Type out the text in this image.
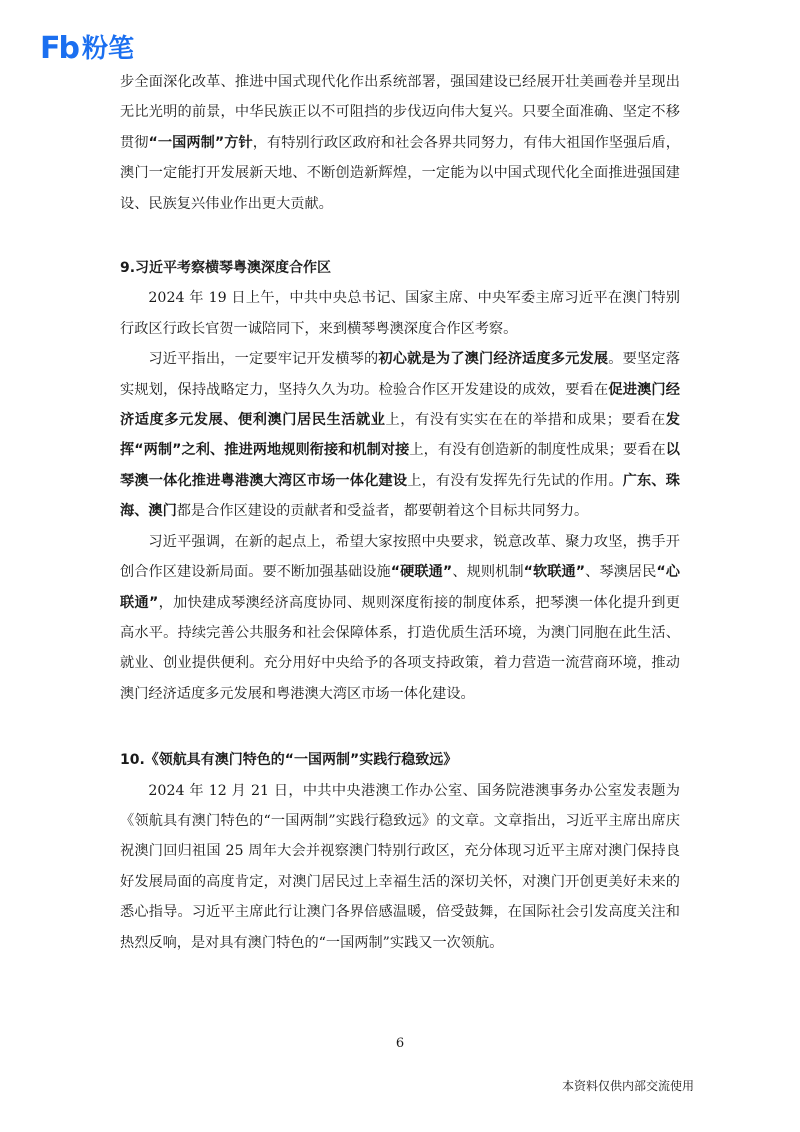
Fb 粉笔

步全面深化改革、推进中国式现代化作出系统部署，强国建设已经展开壮美画卷并呈现出无比光明的前景，中华民族正以不可阻挡的步伐迈向伟大复兴。只要全面准确、坚定不移贯彻“一国两制”方针，有特别行政区政府和社会各界共同努力，有伟大祖国作坚强后盾，澳门一定能打开发展新天地、不断创造新辉煌，一定能为以中国式现代化全面推进强国建设、民族复兴伟业作出更大贡献。

9.习近平考察横琴粤澳深度合作区

2024 年 19 日上午，中共中央总书记、国家主席、中央军委主席习近平在澳门特别行政区行政长官贺一诚陪同下，来到横琴粤澳深度合作区考察。

习近平指出，一定要牢记开发横琴的初心就是为了澳门经济适度多元发展。要坚定落实规划，保持战略定力，坚持久久为功。检验合作区开发建设的成效，要看在促进澳门经济适度多元发展、便利澳门居民生活就业上，有没有实实在在的举措和成果；要看在发挥“两制”之利、推进两地规则衔接和机制对接上，有没有创造新的制度性成果；要看在以琴澳一体化推进粤港澳大湾区市场一体化建设上，有没有发挥先行先试的作用。广东、珠海、澳门都是合作区建设的贡献者和受益者，都要朝着这个目标共同努力。

习近平强调，在新的起点上，希望大家按照中央要求，锐意改革、聚力攻坚，携手开创合作区建设新局面。要不断加强基础设施“硬联通”、规则机制“软联通”、琴澳居民“心联通”，加快建成琴澳经济高度协同、规则深度衔接的制度体系，把琴澳一体化提升到更高水平。持续完善公共服务和社会保障体系，打造优质生活环境，为澳门同胞在此生活、就业、创业提供便利。充分用好中央给予的各项支持政策，着力营造一流营商环境，推动澳门经济适度多元发展和粤港澳大湾区市场一体化建设。

10.《领航具有澳门特色的“一国两制”实践行稳致远》

2024 年 12 月 21 日，中共中央港澳工作办公室、国务院港澳事务办公室发表题为《领航具有澳门特色的“一国两制”实践行稳致远》的文章。文章指出，习近平主席出席庆祝澳门回归祖国 25 周年大会并视察澳门特别行政区，充分体现习近平主席对澳门保持良好发展局面的高度肯定，对澳门居民过上幸福生活的深切关怀，对澳门开创更美好未来的悉心指导。习近平主席此行让澳门各界倍感温暖，倍受鼓舞，在国际社会引发高度关注和热烈反响，是对具有澳门特色的“一国两制”实践又一次领航。

6
本资料仅供内部交流使用
